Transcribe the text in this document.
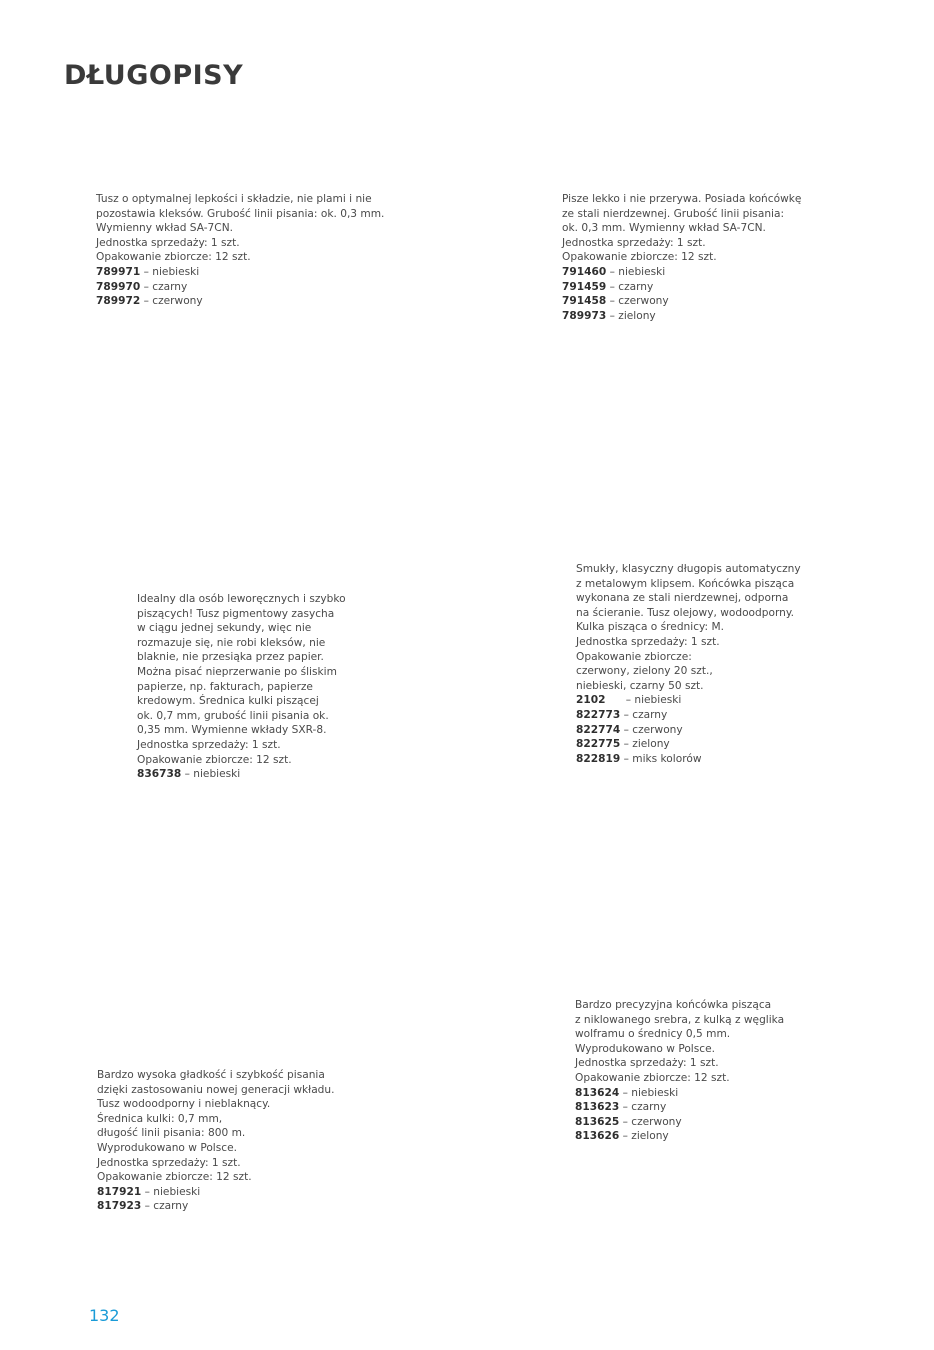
DŁUGOPISY
Tusz o optymalnej lepkości i składzie, nie plami i nie
pozostawia kleksów. Grubość linii pisania: ok. 0,3 mm.
Wymienny wkład SA-7CN.
Jednostka sprzedaży: 1 szt.
Opakowanie zbiorcze: 12 szt.
789971 – niebieski
789970 – czarny
789972 – czerwony
Pisze lekko i nie przerywa. Posiada końcówkę
ze stali nierdzewnej. Grubość linii pisania:
ok. 0,3 mm. Wymienny wkład SA-7CN.
Jednostka sprzedaży: 1 szt.
Opakowanie zbiorcze: 12 szt.
791460 – niebieski
791459 – czarny
791458 – czerwony
789973 – zielony
Idealny dla osób leworęcznych i szybko
piszących! Tusz pigmentowy zasycha
w ciągu jednej sekundy, więc nie
rozmazuje się, nie robi kleksów, nie
blaknie, nie przesiąka przez papier.
Można pisać nieprzerwanie po śliskim
papierze, np. fakturach, papierze
kredowym. Średnica kulki piszącej
ok. 0,7 mm, grubość linii pisania ok.
0,35 mm. Wymienne wkłady SXR-8.
Jednostka sprzedaży: 1 szt.
Opakowanie zbiorcze: 12 szt.
836738 – niebieski
Smukły, klasyczny długopis automatyczny
z metalowym klipsem. Końcówka pisząca
wykonana ze stali nierdzewnej, odporna
na ścieranie. Tusz olejowy, wodoodporny.
Kulka pisząca o średnicy: M.
Jednostka sprzedaży: 1 szt.
Opakowanie zbiorcze:
czerwony, zielony 20 szt.,
niebieski, czarny 50 szt.
2102      – niebieski
822773 – czarny
822774 – czerwony
822775 – zielony
822819 – miks kolorów
Bardzo wysoka gładkość i szybkość pisania
dzięki zastosowaniu nowej generacji wkładu.
Tusz wodoodporny i nieblaknący.
Średnica kulki: 0,7 mm,
długość linii pisania: 800 m.
Wyprodukowano w Polsce.
Jednostka sprzedaży: 1 szt.
Opakowanie zbiorcze: 12 szt.
817921 – niebieski
817923 – czarny
Bardzo precyzyjna końcówka pisząca
z niklowanego srebra, z kulką z węglika
wolframu o średnicy 0,5 mm.
Wyprodukowano w Polsce.
Jednostka sprzedaży: 1 szt.
Opakowanie zbiorcze: 12 szt.
813624 – niebieski
813623 – czarny
813625 – czerwony
813626 – zielony
132
